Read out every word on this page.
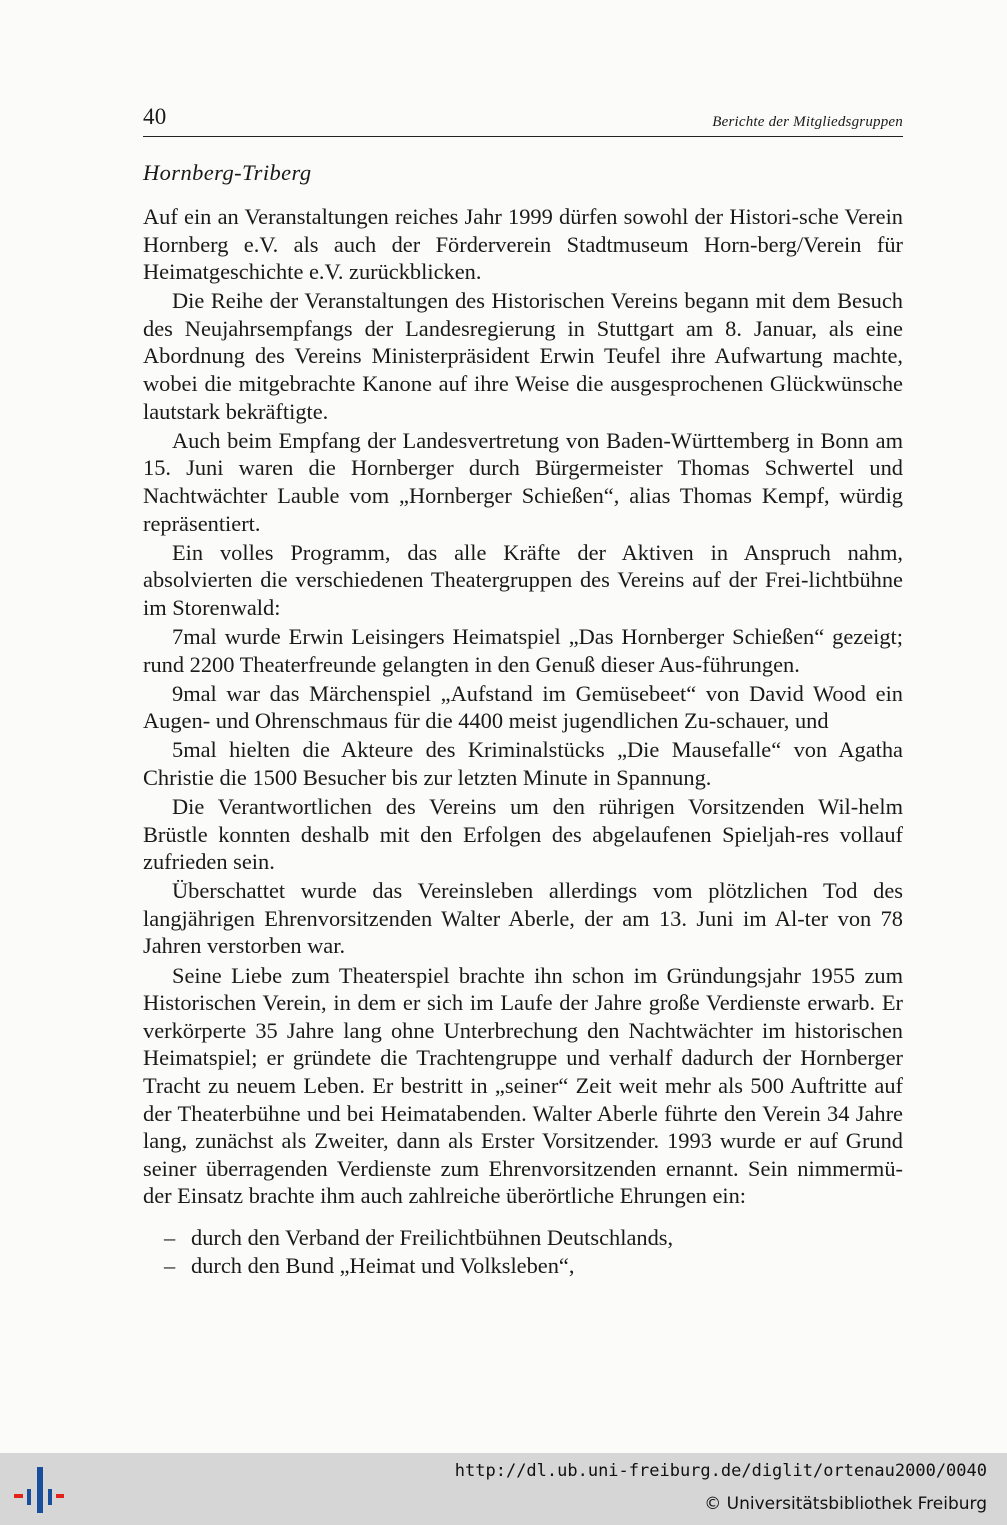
40	Berichte der Mitgliedsgruppen
Hornberg-Triberg

Auf ein an Veranstaltungen reiches Jahr 1999 dürfen sowohl der Histori-sche Verein Hornberg e.V. als auch der Förderverein Stadtmuseum Horn-berg/Verein für Heimatgeschichte e.V. zurückblicken.

Die Reihe der Veranstaltungen des Historischen Vereins begann mit dem Besuch des Neujahrsempfangs der Landesregierung in Stuttgart am 8. Januar, als eine Abordnung des Vereins Ministerpräsident Erwin Teufel ihre Aufwartung machte, wobei die mitgebrachte Kanone auf ihre Weise die ausgesprochenen Glückwünsche lautstark bekräftigte.

Auch beim Empfang der Landesvertretung von Baden-Württemberg in Bonn am 15. Juni waren die Hornberger durch Bürgermeister Thomas Schwertel und Nachtwächter Lauble vom „Hornberger Schießen“, alias Thomas Kempf, würdig repräsentiert.

Ein volles Programm, das alle Kräfte der Aktiven in Anspruch nahm, absolvierten die verschiedenen Theatergruppen des Vereins auf der Frei-lichtbühne im Storenwald:

7mal wurde Erwin Leisingers Heimatspiel „Das Hornberger Schießen“ gezeigt; rund 2200 Theaterfreunde gelangten in den Genuß dieser Aus-führungen.

9mal war das Märchenspiel „Aufstand im Gemüsebeet“ von David Wood ein Augen- und Ohrenschmaus für die 4400 meist jugendlichen Zu-schauer, und

5mal hielten die Akteure des Kriminalstücks „Die Mausefalle“ von Agatha Christie die 1500 Besucher bis zur letzten Minute in Spannung.

Die Verantwortlichen des Vereins um den rührigen Vorsitzenden Wil-helm Brüstle konnten deshalb mit den Erfolgen des abgelaufenen Spieljah-res vollauf zufrieden sein.

Überschattet wurde das Vereinsleben allerdings vom plötzlichen Tod des langjährigen Ehrenvorsitzenden Walter Aberle, der am 13. Juni im Al-ter von 78 Jahren verstorben war.

Seine Liebe zum Theaterspiel brachte ihn schon im Gründungsjahr 1955 zum Historischen Verein, in dem er sich im Laufe der Jahre große Verdienste erwarb. Er verkörperte 35 Jahre lang ohne Unterbrechung den Nachtwächter im historischen Heimatspiel; er gründete die Trachtengruppe und verhalf dadurch der Hornberger Tracht zu neuem Leben. Er bestritt in „seiner“ Zeit weit mehr als 500 Auftritte auf der Theaterbühne und bei Heimatabenden. Walter Aberle führte den Verein 34 Jahre lang, zunächst als Zweiter, dann als Erster Vorsitzender. 1993 wurde er auf Grund seiner überragenden Verdienste zum Ehrenvorsitzenden ernannt. Sein nimmermü-der Einsatz brachte ihm auch zahlreiche überörtliche Ehrungen ein:

– durch den Verband der Freilichtbühnen Deutschlands,
– durch den Bund „Heimat und Volksleben“,
http://dl.ub.uni-freiburg.de/diglit/ortenau2000/0040
© Universitätsbibliothek Freiburg
